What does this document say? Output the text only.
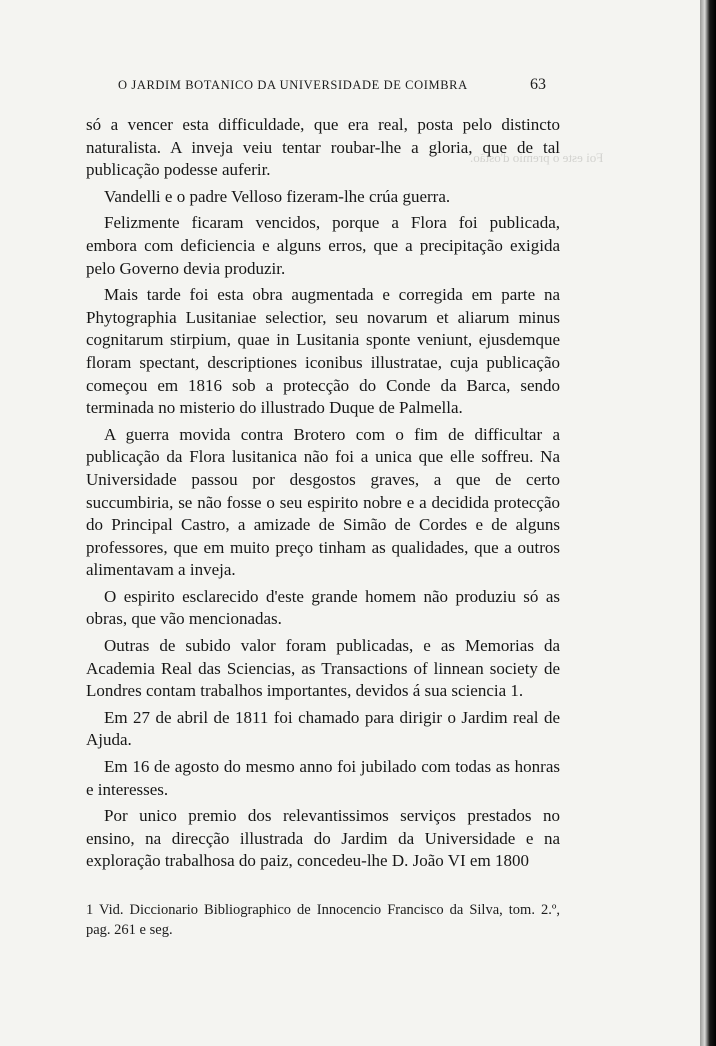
Foi este o premio d'ostão.
O JARDIM BOTANICO DA UNIVERSIDADE DE COIMBRA	63

só a vencer esta difficuldade, que era real, posta pelo distincto naturalista. A inveja veiu tentar roubar-lhe a gloria, que de tal publicação podesse auferir.

Vandelli e o padre Velloso fizeram-lhe crúa guerra.

Felizmente ficaram vencidos, porque a Flora foi publicada, embora com deficiencia e alguns erros, que a precipitação exigida pelo Governo devia produzir.

Mais tarde foi esta obra augmentada e corregida em parte na Phytographia Lusitaniae selectior, seu novarum et aliarum minus cognitarum stirpium, quae in Lusitania sponte veniunt, ejusdemque floram spectant, descriptiones iconibus illustratae, cuja publicação começou em 1816 sob a protecção do Conde da Barca, sendo terminada no misterio do illustrado Duque de Palmella.

A guerra movida contra Brotero com o fim de difficultar a publicação da Flora lusitanica não foi a unica que elle soffreu. Na Universidade passou por desgostos graves, a que de certo succumbiria, se não fosse o seu espirito nobre e a decidida protecção do Principal Castro, a amizade de Simão de Cordes e de alguns professores, que em muito preço tinham as qualidades, que a outros alimentavam a inveja.

O espirito esclarecido d'este grande homem não produziu só as obras, que vão mencionadas.

Outras de subido valor foram publicadas, e as Memorias da Academia Real das Sciencias, as Transactions of linnean society de Londres contam trabalhos importantes, devidos á sua sciencia 1.

Em 27 de abril de 1811 foi chamado para dirigir o Jardim real de Ajuda.

Em 16 de agosto do mesmo anno foi jubilado com todas as honras e interesses.

Por unico premio dos relevantissimos serviços prestados no ensino, na direcção illustrada do Jardim da Universidade e na exploração trabalhosa do paiz, concedeu-lhe D. João VI em 1800

1 Vid. Diccionario Bibliographico de Innocencio Francisco da Silva, tom. 2.º, pag. 261 e seg.
